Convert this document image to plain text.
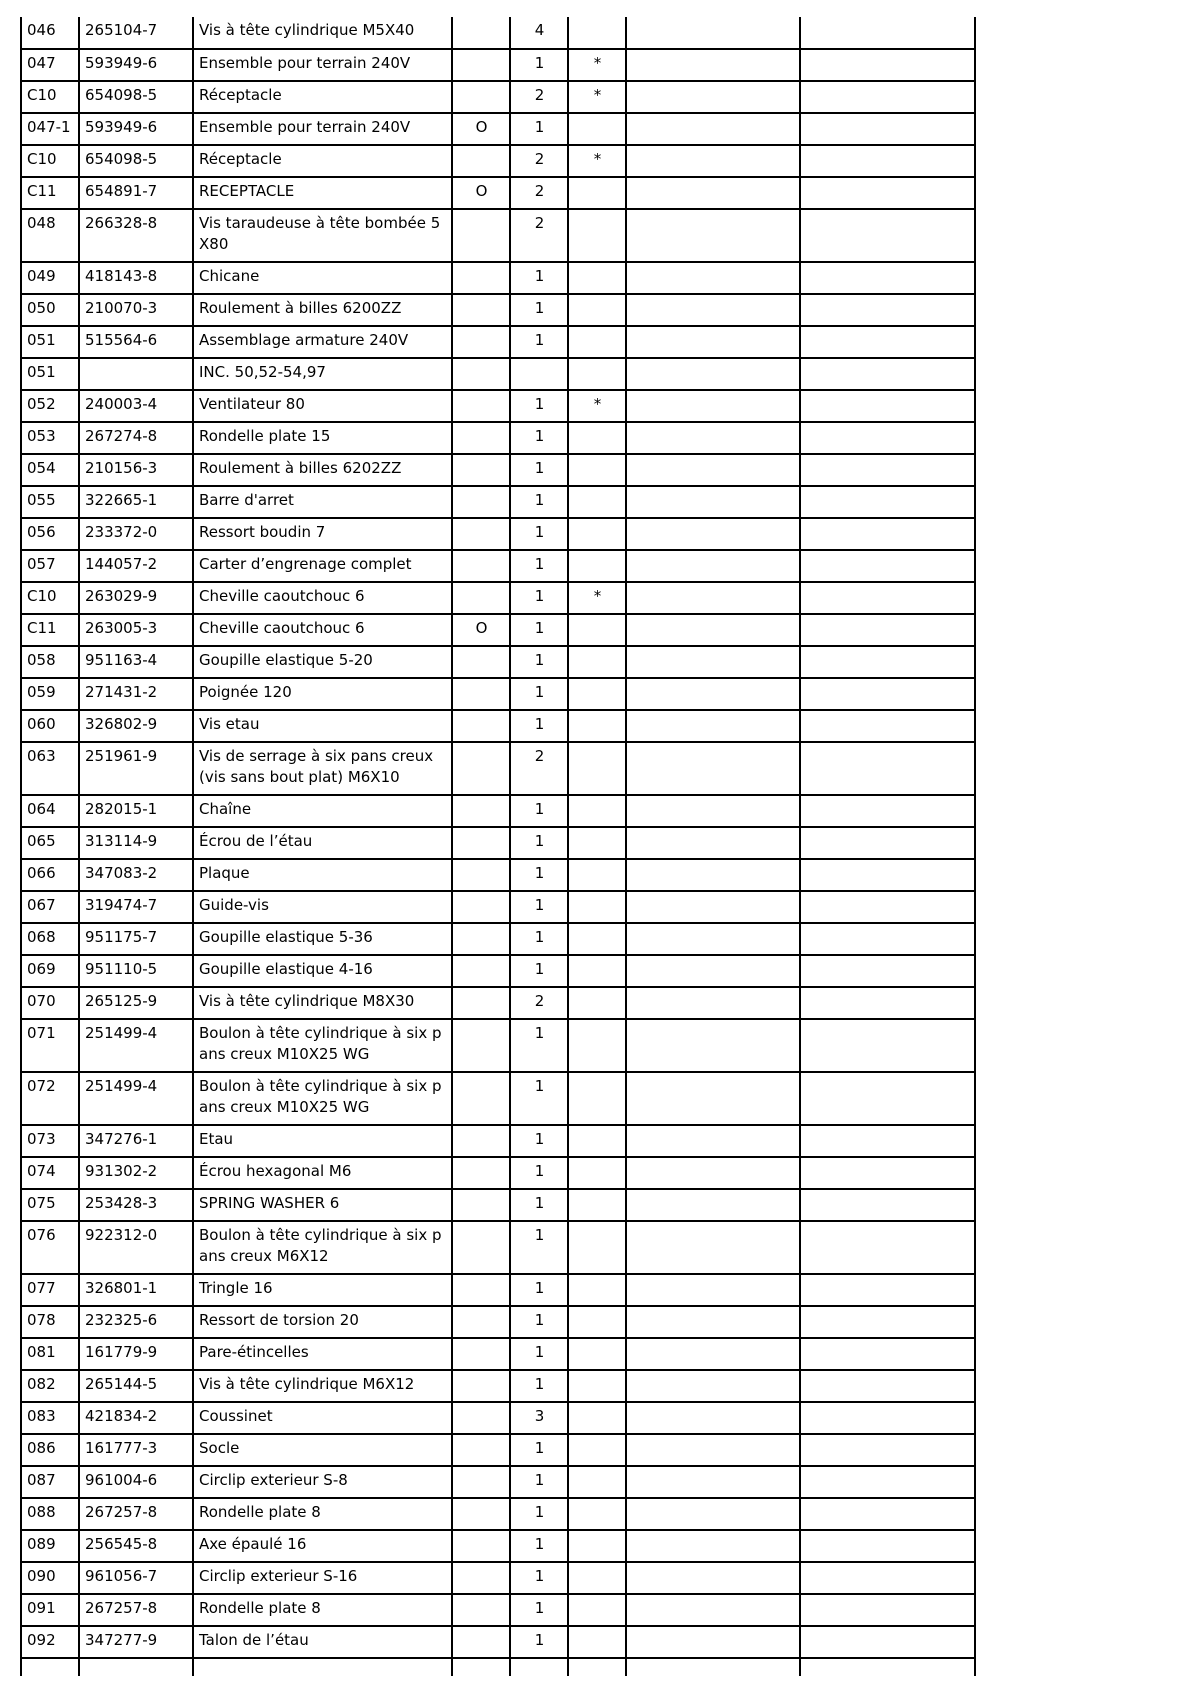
046	265104-7	Vis à tête cylindrique M5X40		4			
047	593949-6	Ensemble pour terrain 240V		1	*		
C10	654098-5	Réceptacle		2	*		
047-1	593949-6	Ensemble pour terrain 240V	O	1			
C10	654098-5	Réceptacle		2	*		
C11	654891-7	RECEPTACLE	O	2			
048	266328-8	Vis taraudeuse à tête bombée 5X80		2			
049	418143-8	Chicane		1			
050	210070-3	Roulement à billes 6200ZZ		1			
051	515564-6	Assemblage armature 240V		1			
051		INC. 50,52-54,97					
052	240003-4	Ventilateur 80		1	*		
053	267274-8	Rondelle plate 15		1			
054	210156-3	Roulement à billes 6202ZZ		1			
055	322665-1	Barre d'arret		1			
056	233372-0	Ressort boudin 7		1			
057	144057-2	Carter d’engrenage complet		1			
C10	263029-9	Cheville caoutchouc 6		1	*		
C11	263005-3	Cheville caoutchouc 6	O	1			
058	951163-4	Goupille elastique 5-20		1			
059	271431-2	Poignée 120		1			
060	326802-9	Vis etau		1			
063	251961-9	Vis de serrage à six pans creux (vis sans bout plat) M6X10		2			
064	282015-1	Chaîne		1			
065	313114-9	Écrou de l’étau		1			
066	347083-2	Plaque		1			
067	319474-7	Guide-vis		1			
068	951175-7	Goupille elastique 5-36		1			
069	951110-5	Goupille elastique 4-16		1			
070	265125-9	Vis à tête cylindrique M8X30		2			
071	251499-4	Boulon à tête cylindrique à six pans creux M10X25 WG		1			
072	251499-4	Boulon à tête cylindrique à six pans creux M10X25 WG		1			
073	347276-1	Etau		1			
074	931302-2	Écrou hexagonal M6		1			
075	253428-3	SPRING WASHER 6		1			
076	922312-0	Boulon à tête cylindrique à six pans creux M6X12		1			
077	326801-1	Tringle 16		1			
078	232325-6	Ressort de torsion 20		1			
081	161779-9	Pare-étincelles		1			
082	265144-5	Vis à tête cylindrique M6X12		1			
083	421834-2	Coussinet		3			
086	161777-3	Socle		1			
087	961004-6	Circlip exterieur S-8		1			
088	267257-8	Rondelle plate 8		1			
089	256545-8	Axe épaulé 16		1			
090	961056-7	Circlip exterieur S-16		1			
091	267257-8	Rondelle plate 8		1			
092	347277-9	Talon de l’étau		1			
